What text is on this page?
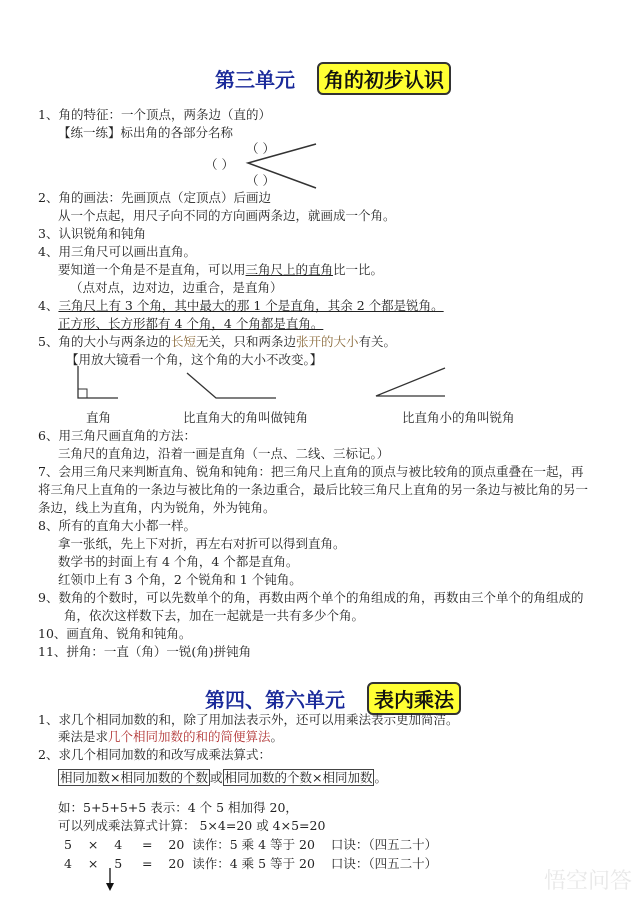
第三单元 角的初步认识
1、角的特征：一个顶点，两条边（直的）
【练一练】标出角的各部分名称
（ ）
（ ）
（ ）
2、角的画法：先画顶点（定顶点）后画边
从一个点起，用尺子向不同的方向画两条边，就画成一个角。
3、认识锐角和钝角
4、用三角尺可以画出直角。
要知道一个角是不是直角，可以用三角尺上的直角比一比。
（点对点，边对边，边重合，是直角）
4、三角尺上有 3 个角，其中最大的那 1 个是直角，其余 2 个都是锐角。
正方形、长方形都有 4 个角，4 个角都是直角。
5、角的大小与两条边的长短无关，只和两条边张开的大小有关。
【用放大镜看一个角，这个角的大小不改变。】
直角	比直角大的角叫做钝角	比直角小的角叫锐角
6、用三角尺画直角的方法：
三角尺的直角边，沿着一画是直角（一点、二线、三标记。）
7、会用三角尺来判断直角、锐角和钝角：把三角尺上直角的顶点与被比较角的顶点重叠在一起，再
将三角尺上直角的一条边与被比角的一条边重合，最后比较三角尺上直角的另一条边与被比角的另一
条边，线上为直角，内为锐角，外为钝角。
8、所有的直角大小都一样。
拿一张纸，先上下对折，再左右对折可以得到直角。
数学书的封面上有 4 个角，4 个都是直角。
红领巾上有 3 个角，2 个锐角和 1 个钝角。
9、数角的个数时，可以先数单个的角，再数由两个单个的角组成的角，再数由三个单个的角组成的
角，依次这样数下去，加在一起就是一共有多少个角。
10、画直角、锐角和钝角。
11、拼角：一直（角）一锐(角)拼钝角
第四、第六单元 表内乘法
1、求几个相同加数的和，除了用加法表示外，还可以用乘法表示更加简洁。
乘法是求几个相同加数的和的简便算法。
2、求几个相同加数的和改写成乘法算式：
相同加数×相同加数的个数 或 相同加数的个数×相同加数 。
如：5+5+5+5 表示：4 个 5 相加得 20，
可以列成乘法算式计算： 5×4=20 或 4×5=20
5    ×    4     =    20  读作：5 乘 4 等于 20    口诀：（四五二十）
4    ×    5     =    20  读作：4 乘 5 等于 20    口诀：（四五二十）
悟空问答
